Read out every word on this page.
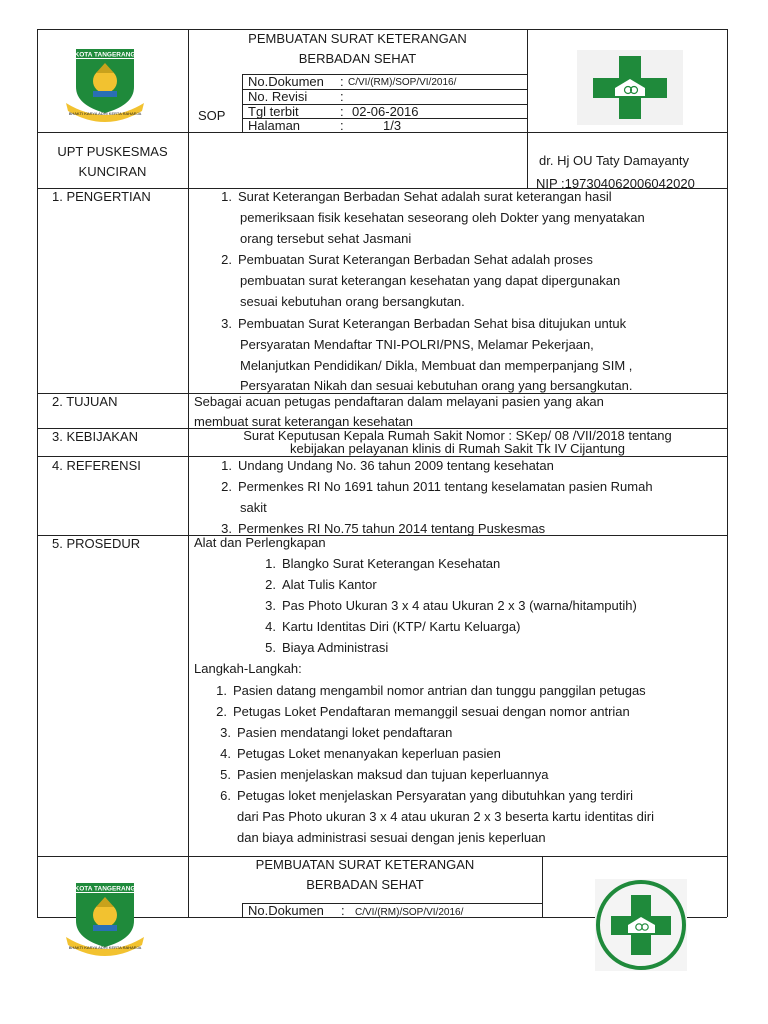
KOTA TANGERANG
BHAKTI KARYA ADHI KERTA RAHARJA
PEMBUATAN SURAT KETERANGAN
BERBADAN SEHAT
SOP
No.Dokumen : C/VI/(RM)/SOP/VI/2016/
No. Revisi	:
Tgl terbit	: 02-06-2016
Halaman	:	1/3
UPT PUSKESMAS
KUNCIRAN
dr. Hj OU Taty Damayanty
NIP :197304062006042020
1. PENGERTIAN	1. Surat Keterangan Berbadan Sehat adalah surat keterangan hasil
pemeriksaan fisik kesehatan seseorang oleh Dokter yang menyatakan
orang tersebut sehat Jasmani
2. Pembuatan Surat Keterangan Berbadan Sehat adalah proses
pembuatan surat keterangan kesehatan yang dapat dipergunakan
sesuai kebutuhan orang bersangkutan.
3. Pembuatan Surat Keterangan Berbadan Sehat bisa ditujukan untuk
Persyaratan Mendaftar TNI-POLRI/PNS, Melamar Pekerjaan,
Melanjutkan Pendidikan/ Dikla, Membuat dan memperpanjang SIM ,
Persyaratan Nikah dan sesuai kebutuhan orang yang bersangkutan.
2. TUJUAN	Sebagai acuan petugas pendaftaran dalam melayani pasien yang akan
membuat surat keterangan kesehatan
3. KEBIJAKAN	Surat Keputusan Kepala Rumah Sakit Nomor : SKep/ 08 /VII/2018 tentang
kebijakan pelayanan klinis di Rumah Sakit Tk IV Cijantung
4. REFERENSI	1. Undang Undang No. 36 tahun 2009 tentang kesehatan
2. Permenkes RI No 1691 tahun 2011 tentang keselamatan pasien Rumah
sakit
3. Permenkes RI No.75 tahun 2014 tentang Puskesmas
5. PROSEDUR	Alat dan Perlengkapan
1. Blangko Surat Keterangan Kesehatan
2. Alat Tulis Kantor
3. Pas Photo Ukuran 3 x 4 atau Ukuran 2 x 3 (warna/hitamputih)
4. Kartu Identitas Diri (KTP/ Kartu Keluarga)
5. Biaya Administrasi
Langkah-Langkah:
1. Pasien datang mengambil nomor antrian dan tunggu panggilan petugas
2. Petugas Loket Pendaftaran memanggil sesuai dengan nomor antrian
3. Pasien mendatangi loket pendaftaran
4. Petugas Loket menanyakan keperluan pasien
5. Pasien menjelaskan maksud dan tujuan keperluannya
6. Petugas loket menjelaskan Persyaratan yang dibutuhkan yang terdiri
dari Pas Photo ukuran 3 x 4 atau ukuran 2 x 3 beserta kartu identitas diri
dan biaya administrasi sesuai dengan jenis keperluan
PEMBUATAN SURAT KETERANGAN
BERBADAN SEHAT
No.Dokumen : C/VI/(RM)/SOP/VI/2016/
KOTA TANGERANG
BHAKTI KARYA ADHI KERTA RAHARJA
